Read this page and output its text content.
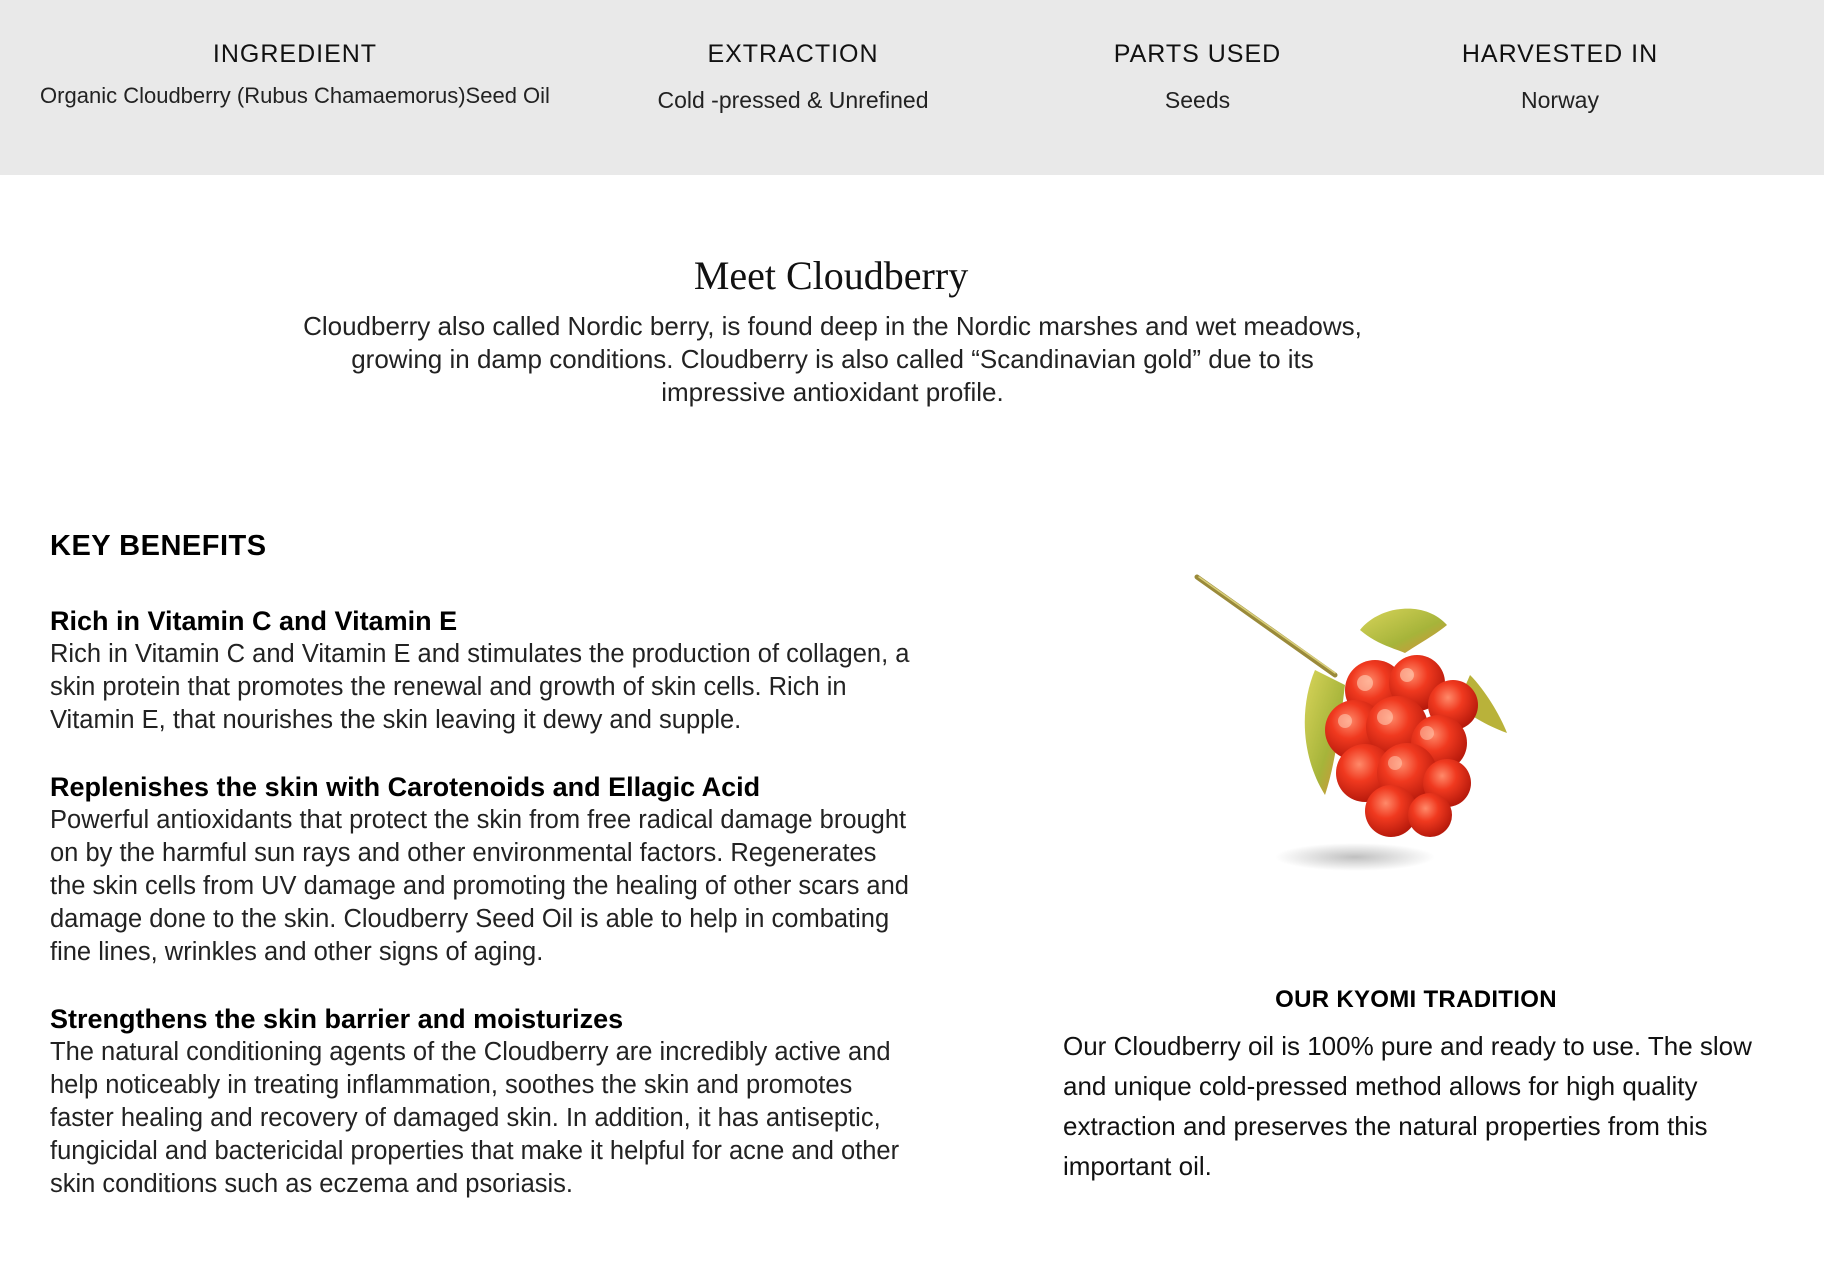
INGREDIENT
Organic Cloudberry (Rubus Chamaemorus)Seed Oil
EXTRACTION
Cold -pressed & Unrefined
PARTS USED
Seeds
HARVESTED IN
Norway
Meet Cloudberry
Cloudberry also called Nordic berry, is found deep in the Nordic marshes and wet meadows, growing in damp conditions. Cloudberry is also called “Scandinavian gold” due to its impressive antioxidant profile.
KEY BENEFITS
Rich in Vitamin C and Vitamin E
Rich in Vitamin C and Vitamin E and stimulates the production of collagen, a skin protein that promotes the renewal and growth of skin cells. Rich in Vitamin E, that nourishes the skin leaving it dewy and supple.
Replenishes the skin with Carotenoids and Ellagic Acid
Powerful antioxidants that protect the skin from free radical damage brought on by the harmful sun rays and other environmental factors. Regenerates the skin cells from UV damage and promoting the healing of other scars and damage done to the skin. Cloudberry Seed Oil is able to help in combating fine lines, wrinkles and other signs of aging.
Strengthens the skin barrier and moisturizes
The natural conditioning agents of the Cloudberry are incredibly active and help noticeably in treating inflammation, soothes the skin and promotes faster healing and recovery of damaged skin. In addition, it has antiseptic, fungicidal and bactericidal properties that make it helpful for acne and other skin conditions such as eczema and psoriasis.
OUR KYOMI TRADITION
Our Cloudberry oil is 100% pure and ready to use. The slow and unique cold-pressed method allows for high quality extraction and preserves the natural properties from this important oil.
